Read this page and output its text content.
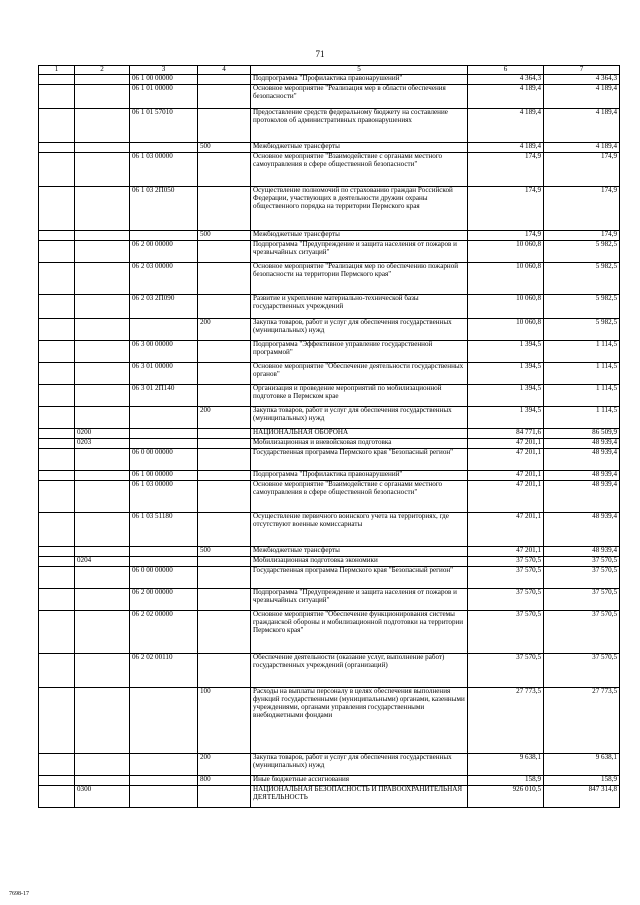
71
1	2	3	4	5	6	7
		06 1 00 00000		Подпрограмма "Профилактика правонарушений"	4 364,3	4 364,3
		06 1 01 00000		Основное мероприятие "Реализация мер в области обеспечения безопасности"	4 189,4	4 189,4
		06 1 01 57010		Предоставление средств федеральному бюджету на составление протоколов об административных правонарушениях	4 189,4	4 189,4
			500	Межбюджетные трансферты	4 189,4	4 189,4
		06 1 03 00000		Основное мероприятие "Взаимодействие с органами местного самоуправления в сфере общественной безопасности"	174,9	174,9
		06 1 03 2П050		Осуществление полномочий по страхованию граждан Российской Федерации, участвующих в деятельности дружин охраны общественного порядка на территории Пермского края	174,9	174,9
			500	Межбюджетные трансферты	174,9	174,9
		06 2 00 00000		Подпрограмма "Предупреждение и защита населения от пожаров и чрезвычайных ситуаций"	10 060,8	5 982,5
		06 2 03 00000		Основное мероприятие "Реализация мер по обеспечению пожарной безопасности на территории Пермского края"	10 060,8	5 982,5
		06 2 03 2П090		Развитие и укрепление материально-технической базы государственных учреждений	10 060,8	5 982,5
			200	Закупка товаров, работ и услуг для обеспечения государственных (муниципальных) нужд	10 060,8	5 982,5
		06 3 00 00000		Подпрограмма "Эффективное управление государственной программой"	1 394,5	1 114,5
		06 3 01 00000		Основное мероприятие "Обеспечение деятельности государственных органов"	1 394,5	1 114,5
		06 3 01 2П140		Организация и проведение мероприятий по мобилизационной подготовке в Пермском крае	1 394,5	1 114,5
			200	Закупка товаров, работ и услуг для обеспечения государственных (муниципальных) нужд	1 394,5	1 114,5
	0200			НАЦИОНАЛЬНАЯ ОБОРОНА	84 771,6	86 509,9
	0203			Мобилизационная и вневойсковая подготовка	47 201,1	48 939,4
		06 0 00 00000		Государственная программа Пермского края "Безопасный регион"	47 201,1	48 939,4
		06 1 00 00000		Подпрограмма "Профилактика правонарушений"	47 201,1	48 939,4
		06 1 03 00000		Основное мероприятие "Взаимодействие с органами местного самоуправления в сфере общественной безопасности"	47 201,1	48 939,4
		06 1 03 51180		Осуществление первичного воинского учета на территориях, где отсутствуют военные комиссариаты	47 201,1	48 939,4
			500	Межбюджетные трансферты	47 201,1	48 939,4
	0204			Мобилизационная подготовка экономики	37 570,5	37 570,5
		06 0 00 00000		Государственная программа Пермского края "Безопасный регион"	37 570,5	37 570,5
		06 2 00 00000		Подпрограмма "Предупреждение и защита населения от пожаров и чрезвычайных ситуаций"	37 570,5	37 570,5
		06 2 02 00000		Основное мероприятие "Обеспечение функционирования системы гражданской обороны и мобилизационной подготовки на территории Пермского края"	37 570,5	37 570,5
		06 2 02 00110		Обеспечение деятельности (оказание услуг, выполнение работ) государственных учреждений (организаций)	37 570,5	37 570,5
			100	Расходы на выплаты персоналу в целях обеспечения выполнения функций государственными (муниципальными) органами, казенными учреждениями, органами управления государственными внебюджетными фондами	27 773,5	27 773,5
			200	Закупка товаров, работ и услуг для обеспечения государственных (муниципальных) нужд	9 638,1	9 638,1
			800	Иные бюджетные ассигнования	158,9	158,9
	0300			НАЦИОНАЛЬНАЯ БЕЗОПАСНОСТЬ И ПРАВООХРАНИТЕЛЬНАЯ ДЕЯТЕЛЬНОСТЬ	926 010,5	847 314,8
7698-17
